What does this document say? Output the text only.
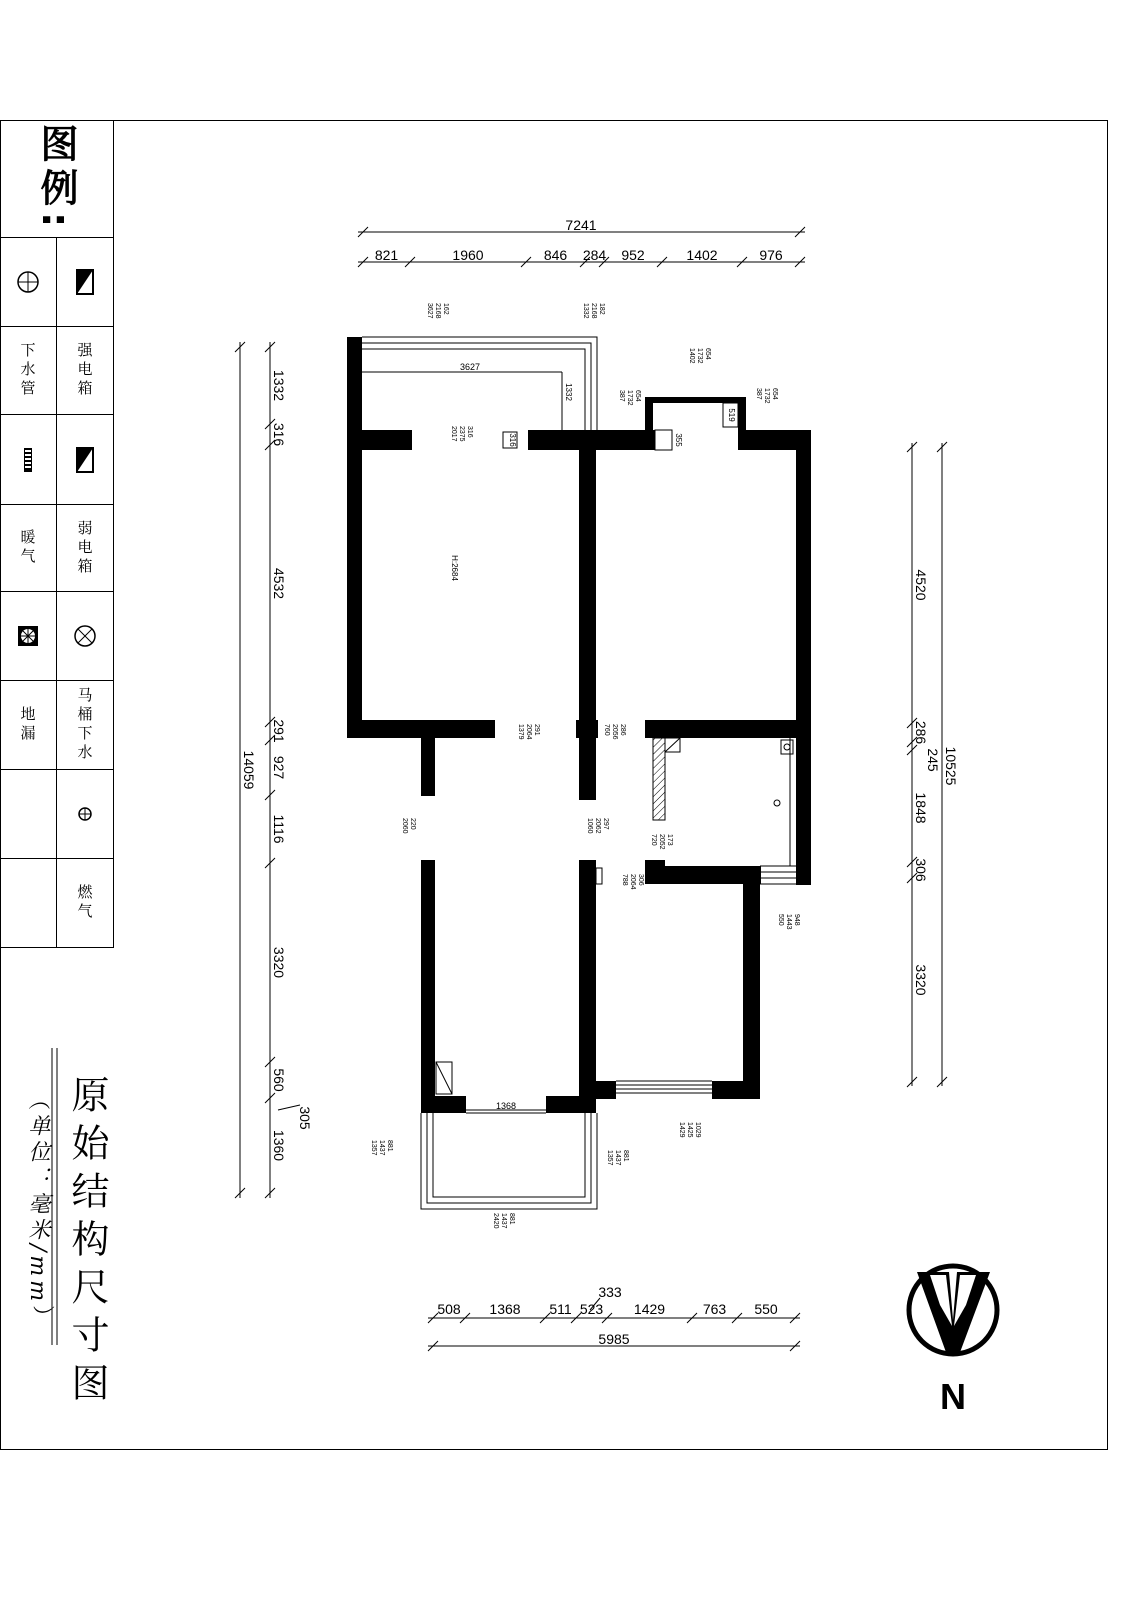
图例:
下水管	强电箱
暖气	弱电箱
地漏	马桶下水
燃气
原始结构尺寸图
（单位：毫米/mm）
3627
1332
316	355
519
1368
H:2684
7241
821	1960	846 284 952	1402	976
508 1368 511 523 1429	763 550
333
5985
14059
1332
316
4532
291
927
1116
3320
560
1360
305
4520
286
245
1848
306
3320
10525
3627 2168 162	1332 2168 182
1402 1732 654
387 1732 654	387 1732 654
2017 2375 316
1379 2064 291	760 2056 286
2060 220	1060 2062 297
720 2052 173
788 2064 306
550 1443 948
1429 1425 1029
1357 1437 881
1357 1437 881
2420 1437 881
N
